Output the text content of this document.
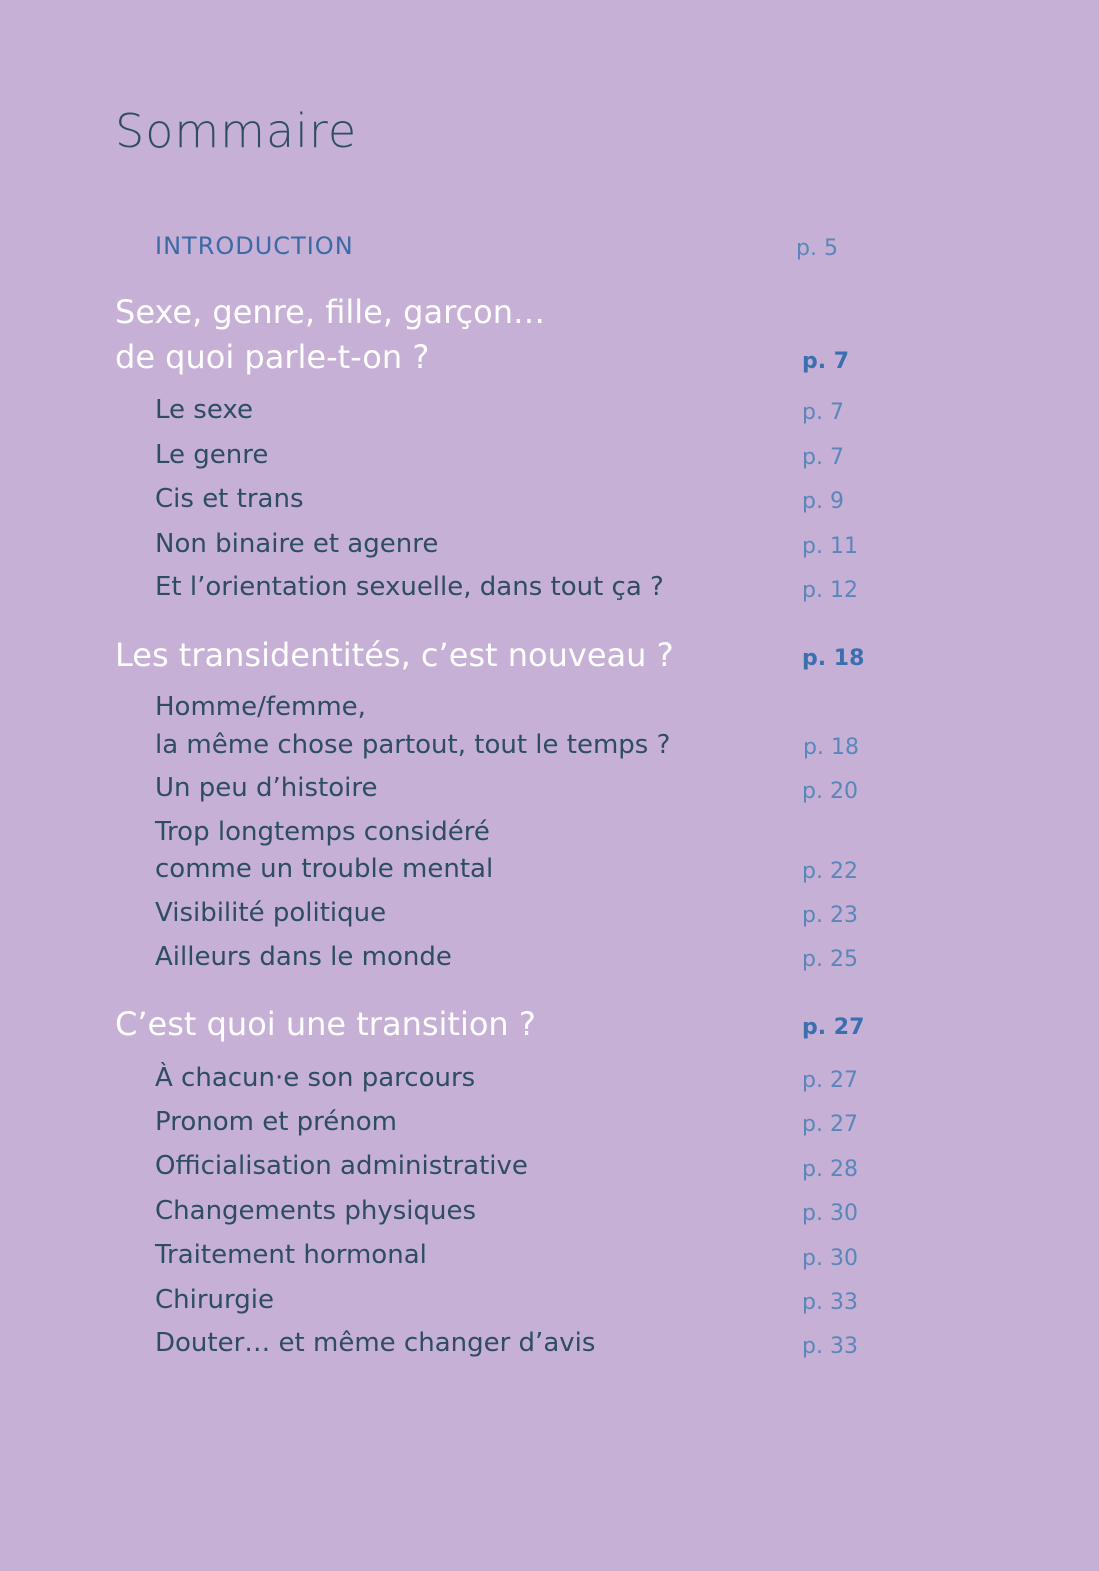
Sommaire
INTRODUCTION	p. 5
Sexe, genre, fille, garçon…
de quoi parle-t-on ?	p. 7
Le sexe	p. 7
Le genre	p. 7
Cis et trans	p. 9
Non binaire et agenre	p. 11
Et l’orientation sexuelle, dans tout ça ?	p. 12
Les transidentités, c’est nouveau ?	p. 18
Homme/femme,
la même chose partout, tout le temps ?	p. 18
Un peu d’histoire	p. 20
Trop longtemps considéré
comme un trouble mental	p. 22
Visibilité politique	p. 23
Ailleurs dans le monde	p. 25
C’est quoi une transition ?	p. 27
À chacun·e son parcours	p. 27
Pronom et prénom	p. 27
Officialisation administrative	p. 28
Changements physiques	p. 30
Traitement hormonal	p. 30
Chirurgie	p. 33
Douter… et même changer d’avis	p. 33
